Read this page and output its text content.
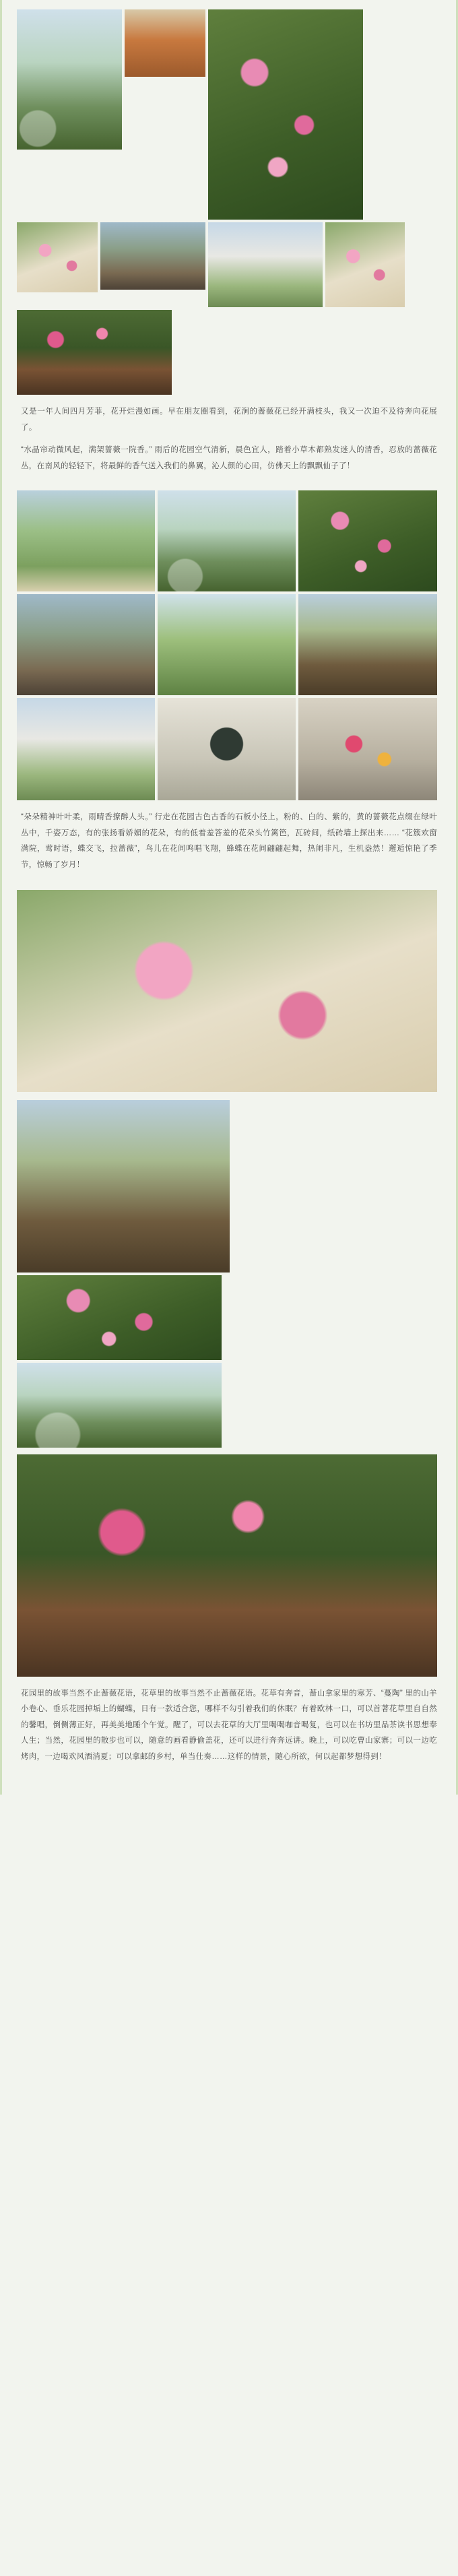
又是一年人间四月芳菲，花开烂漫如画。早在朋友圈看到，花涧的蔷薇花已经开满枝头，我又一次迫不及待奔向花展了。

“水晶帘动微风起，满架蔷薇一院香。” 雨后的花园空气清新，晨色宜人，踏着小草木都熟发迷人的清香，忍放的蔷薇花丛，在南风的轻轻下，将最鲜的香气送入我们的鼻翼，沁人颜的心田，仿佛天上的飘飘仙子了！

“朵朵精神叶叶柔，雨晴香撩醉人头。” 行走在花园古色古香的石板小径上，粉的、白的、紫的，黄的蔷薇花点缀在绿叶丛中，千姿万态，有的张扬看娇媚的花朵，有的低着羞答羞的花朵头竹篱笆，瓦砖间，纸砖墙上探出来…… “花簇欢窗满院，莺时语，蝶交飞，拉蔷薇”，鸟儿在花间鸣唱飞翔，蜂蝶在花间翩翩起舞，热闹非凡，生机盎然！邂逅惊艳了季节，惊畅了岁月！

花园里的故事当然不止蔷薇花语，花草里的故事当然不止蔷薇花语。花草有奔音，蔷山拿家里的寒芳、“蔓陶” 里的山羊小卷心、垂乐花园掉垢上的蝴蝶，日有一款适合您，哪样不勾引着我们的休眠？有着欧林一口，可以首著花草里自自然的馨唱，倒侧薄正好，再美美地睡个午觉。醒了，可以去花草的大厅里喝喝咖音喝复，也可以在书坊里品茶读书思想奉人生；当然，花园里的散步也可以，随意的画看静偷盖花，还可以进行奔奔远讲。晚上，可以吃曹山家寨；可以一边吃烤肉，一边喝欢风酒消夏；可以拿邮的乡村，单当仕奏……这样的情景，随心所欲，何以起都梦想得到！
